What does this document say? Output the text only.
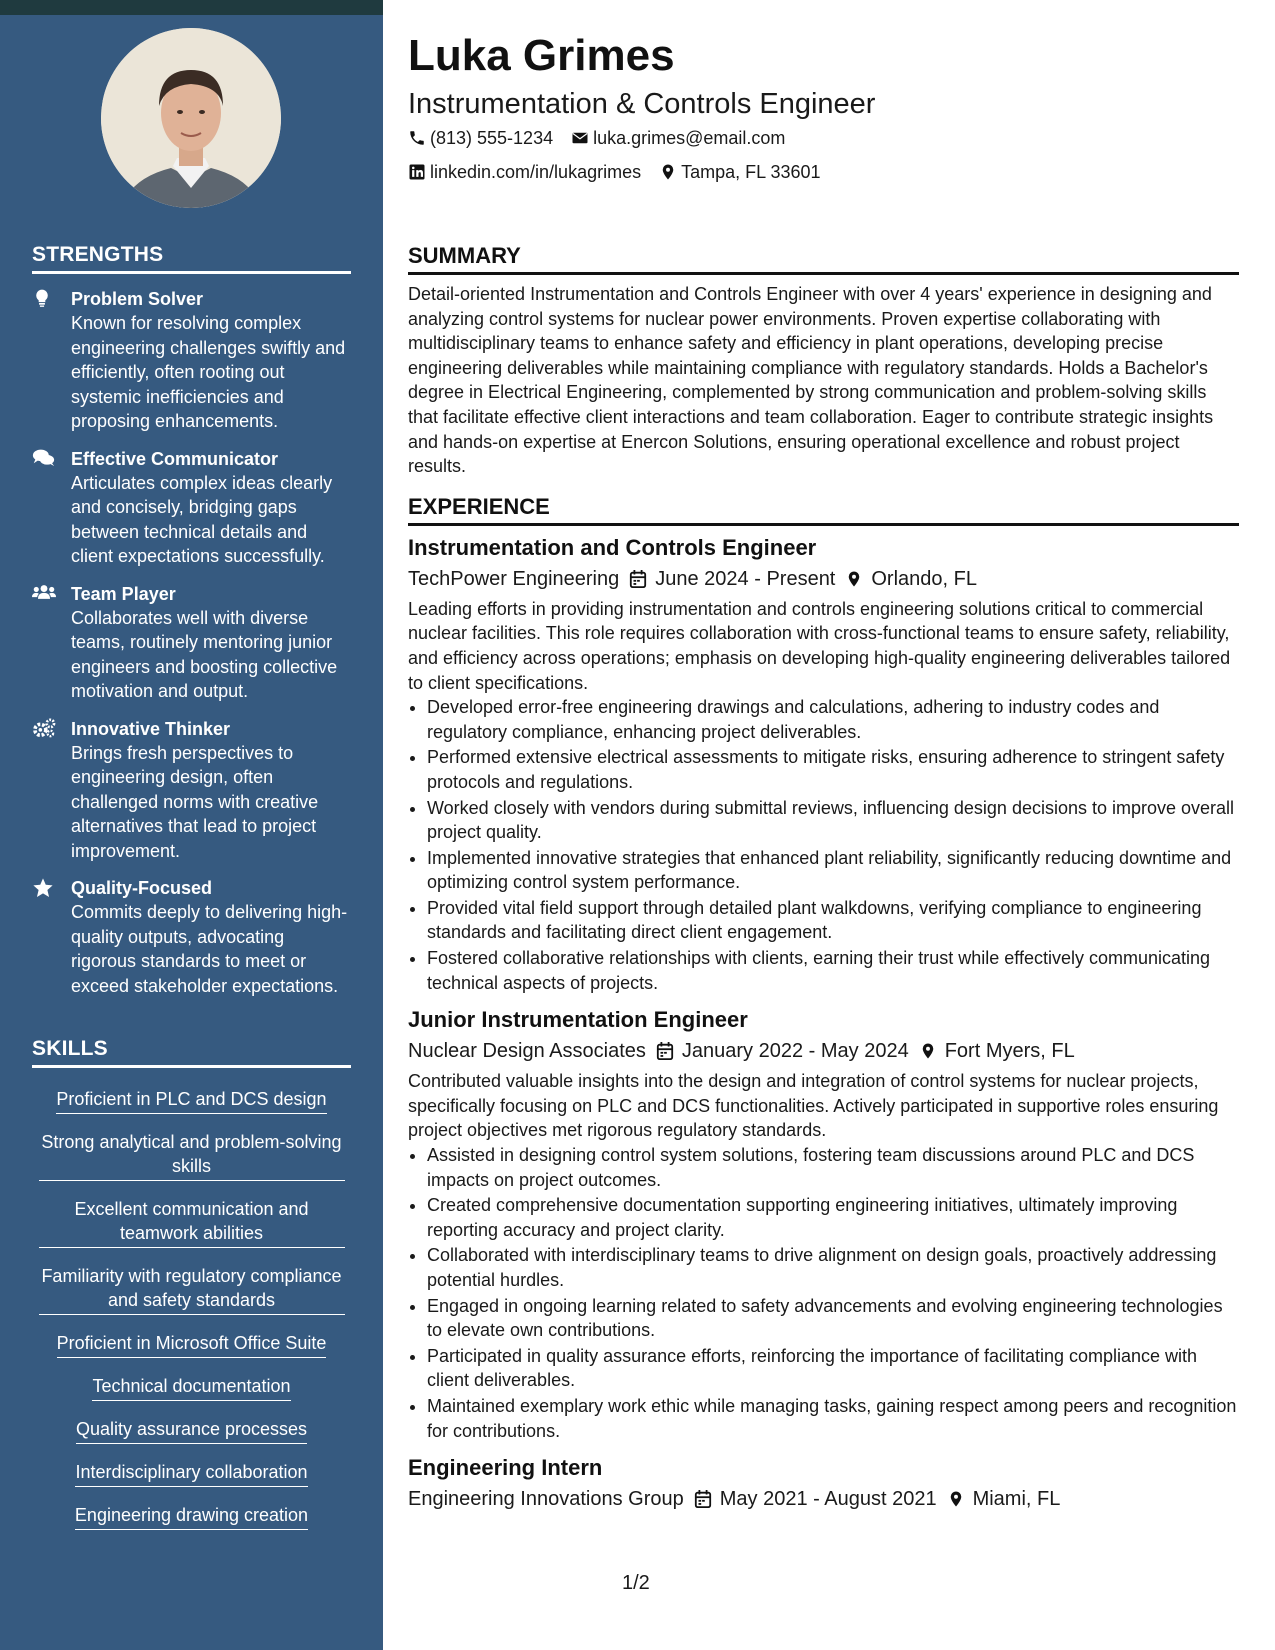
STRENGTHS
Problem Solver
Known for resolving complex engineering challenges swiftly and efficiently, often rooting out systemic inefficiencies and proposing enhancements.
Effective Communicator
Articulates complex ideas clearly and concisely, bridging gaps between technical details and client expectations successfully.
Team Player
Collaborates well with diverse teams, routinely mentoring junior engineers and boosting collective motivation and output.
Innovative Thinker
Brings fresh perspectives to engineering design, often challenged norms with creative alternatives that lead to project improvement.
Quality-Focused
Commits deeply to delivering high-quality outputs, advocating rigorous standards to meet or exceed stakeholder expectations.
SKILLS
Proficient in PLC and DCS design
Strong analytical and problem-solving skills
Excellent communication and teamwork abilities
Familiarity with regulatory compliance and safety standards
Proficient in Microsoft Office Suite
Technical documentation
Quality assurance processes
Interdisciplinary collaboration
Engineering drawing creation
Luka Grimes
Instrumentation & Controls Engineer
(813) 555-1234 luka.grimes@email.com
linkedin.com/in/lukagrimes Tampa, FL 33601
SUMMARY
Detail-oriented Instrumentation and Controls Engineer with over 4 years' experience in designing and analyzing control systems for nuclear power environments. Proven expertise collaborating with multidisciplinary teams to enhance safety and efficiency in plant operations, developing precise engineering deliverables while maintaining compliance with regulatory standards. Holds a Bachelor's degree in Electrical Engineering, complemented by strong communication and problem-solving skills that facilitate effective client interactions and team collaboration. Eager to contribute strategic insights and hands-on expertise at Enercon Solutions, ensuring operational excellence and robust project results.
EXPERIENCE
Instrumentation and Controls Engineer
TechPower Engineering June 2024 - Present Orlando, FL
Leading efforts in providing instrumentation and controls engineering solutions critical to commercial nuclear facilities. This role requires collaboration with cross-functional teams to ensure safety, reliability, and efficiency across operations; emphasis on developing high-quality engineering deliverables tailored to client specifications.
• Developed error-free engineering drawings and calculations, adhering to industry codes and regulatory compliance, enhancing project deliverables.
• Performed extensive electrical assessments to mitigate risks, ensuring adherence to stringent safety protocols and regulations.
• Worked closely with vendors during submittal reviews, influencing design decisions to improve overall project quality.
• Implemented innovative strategies that enhanced plant reliability, significantly reducing downtime and optimizing control system performance.
• Provided vital field support through detailed plant walkdowns, verifying compliance to engineering standards and facilitating direct client engagement.
• Fostered collaborative relationships with clients, earning their trust while effectively communicating technical aspects of projects.
Junior Instrumentation Engineer
Nuclear Design Associates January 2022 - May 2024 Fort Myers, FL
Contributed valuable insights into the design and integration of control systems for nuclear projects, specifically focusing on PLC and DCS functionalities. Actively participated in supportive roles ensuring project objectives met rigorous regulatory standards.
• Assisted in designing control system solutions, fostering team discussions around PLC and DCS impacts on project outcomes.
• Created comprehensive documentation supporting engineering initiatives, ultimately improving reporting accuracy and project clarity.
• Collaborated with interdisciplinary teams to drive alignment on design goals, proactively addressing potential hurdles.
• Engaged in ongoing learning related to safety advancements and evolving engineering technologies to elevate own contributions.
• Participated in quality assurance efforts, reinforcing the importance of facilitating compliance with client deliverables.
• Maintained exemplary work ethic while managing tasks, gaining respect among peers and recognition for contributions.
Engineering Intern
Engineering Innovations Group May 2021 - August 2021 Miami, FL
1/2
